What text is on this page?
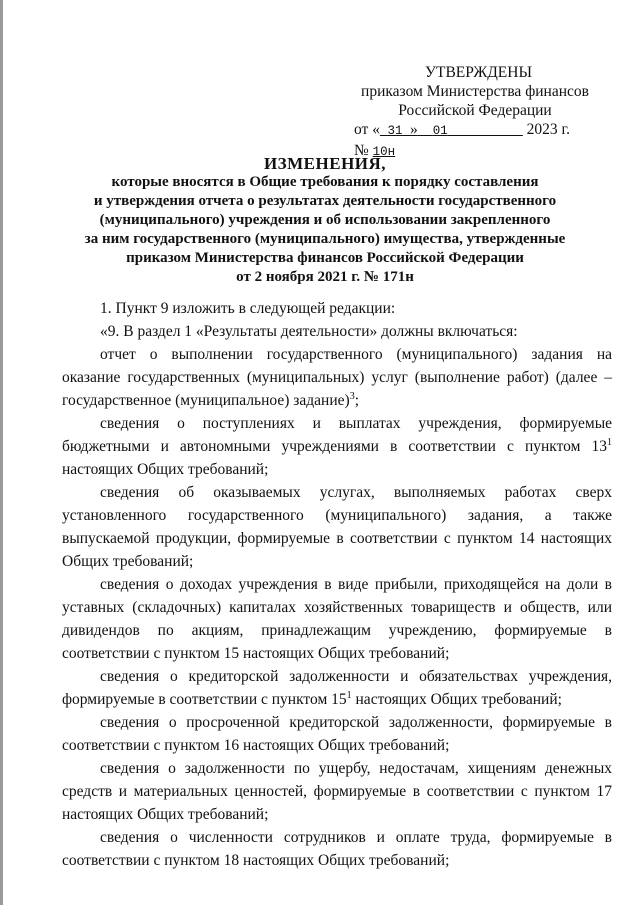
УТВЕРЖДЕНЫ
приказом Министерства финансов
Российской Федерации
от « 31 » 01	2023 г. № 10н
ИЗМЕНЕНИЯ,
которые вносятся в Общие требования к порядку составления
и утверждения отчета о результатах деятельности государственного
(муниципального) учреждения и об использовании закрепленного
за ним государственного (муниципального) имущества, утвержденные
приказом Министерства финансов Российской Федерации
от 2 ноября 2021 г. № 171н

1. Пункт 9 изложить в следующей редакции:

«9. В раздел 1 «Результаты деятельности» должны включаться:

отчет о выполнении государственного (муниципального) задания на оказание государственных (муниципальных) услуг (выполнение работ) (далее – государственное (муниципальное) задание)$^3$;

сведения о поступлениях и выплатах учреждения, формируемые бюджетными и автономными учреждениями в соответствии с пунктом $13^1$ настоящих Общих требований;

сведения об оказываемых услугах, выполняемых работах сверх установленного государственного (муниципального) задания, а также выпускаемой продукции, формируемые в соответствии с пунктом 14 настоящих Общих требований;

сведения о доходах учреждения в виде прибыли, приходящейся на доли в уставных (складочных) капиталах хозяйственных товариществ и обществ, или дивидендов по акциям, принадлежащим учреждению, формируемые в соответствии с пунктом 15 настоящих Общих требований;

сведения о кредиторской задолженности и обязательствах учреждения, формируемые в соответствии с пунктом $15^1$ настоящих Общих требований;

сведения о просроченной кредиторской задолженности, формируемые в соответствии с пунктом 16 настоящих Общих требований;

сведения о задолженности по ущербу, недостачам, хищениям денежных средств и материальных ценностей, формируемые в соответствии с пунктом 17 настоящих Общих требований;

сведения о численности сотрудников и оплате труда, формируемые в соответствии с пунктом 18 настоящих Общих требований;
